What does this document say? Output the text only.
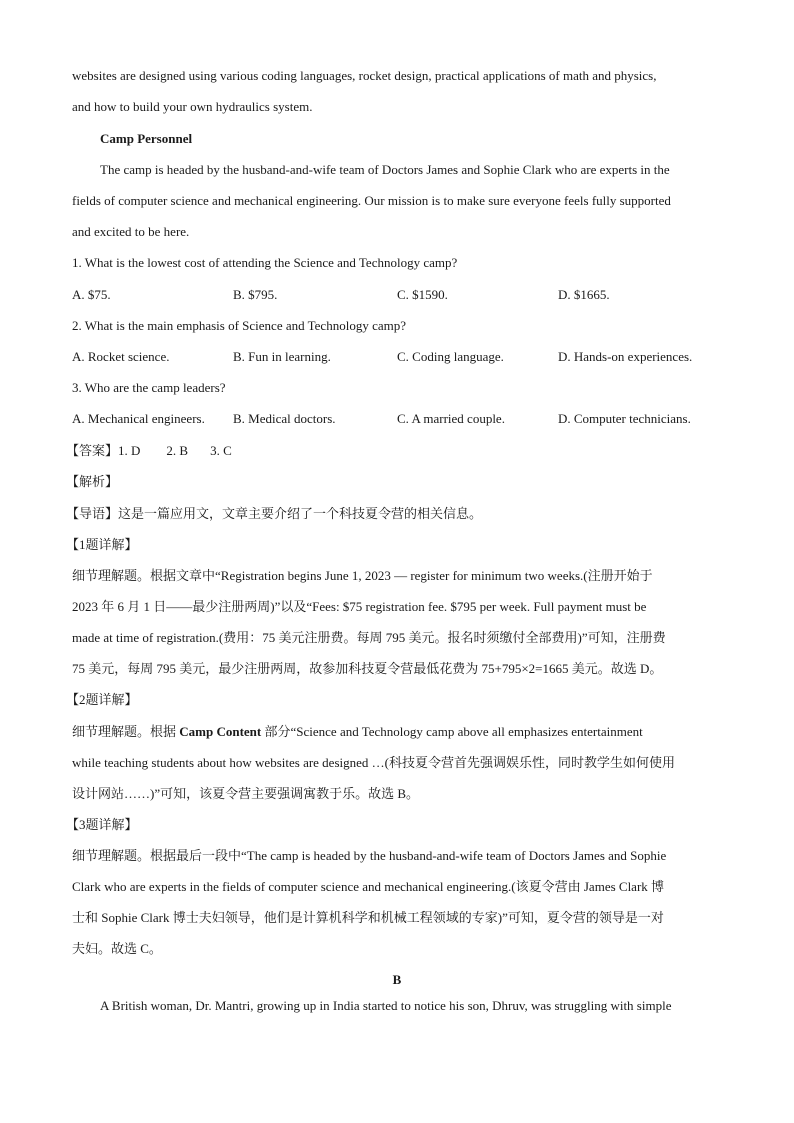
websites are designed using various coding languages, rocket design, practical applications of math and physics,
and how to build your own hydraulics system.
Camp Personnel
The camp is headed by the husband-and-wife team of Doctors James and Sophie Clark who are experts in the
fields of computer science and mechanical engineering. Our mission is to make sure everyone feels fully supported
and excited to be here.
1. What is the lowest cost of attending the Science and Technology camp?
A. $75.	B. $795.	C. $1590.	D. $1665.
2. What is the main emphasis of Science and Technology camp?
A. Rocket science.	B. Fun in learning.	C. Coding language.	D. Hands-on experiences.
3. Who are the camp leaders?
A. Mechanical engineers. B. Medical doctors.	C. A married couple.	D. Computer technicians.
【答案】1. D 2. B 3. C
【解析】
【导语】这是一篇应用文，文章主要介绍了一个科技夏令营的相关信息。
【1题详解】
细节理解题。根据文章中“Registration begins June 1, 2023 — register for minimum two weeks.(注册开始于
2023 年 6 月 1 日——最少注册两周)”以及“Fees: $75 registration fee. $795 per week. Full payment must be
made at time of registration.(费用：75 美元注册费。每周 795 美元。报名时须缴付全部费用)”可知，注册费
75 美元，每周 795 美元，最少注册两周，故参加科技夏令营最低花费为 75+795×2=1665 美元。故选 D。
【2题详解】
细节理解题。根据 Camp Content 部分“Science and Technology camp above all emphasizes entertainment
while teaching students about how websites are designed …(科技夏令营首先强调娱乐性，同时教学生如何使用
设计网站……)”可知，该夏令营主要强调寓教于乐。故选 B。
【3题详解】
细节理解题。根据最后一段中“The camp is headed by the husband-and-wife team of Doctors James and Sophie
Clark who are experts in the fields of computer science and mechanical engineering.(该夏令营由 James Clark 博
士和 Sophie Clark 博士夫妇领导，他们是计算机科学和机械工程领域的专家)”可知，夏令营的领导是一对
夫妇。故选 C。
B
A British woman, Dr. Mantri, growing up in India started to notice his son, Dhruv, was struggling with simple
